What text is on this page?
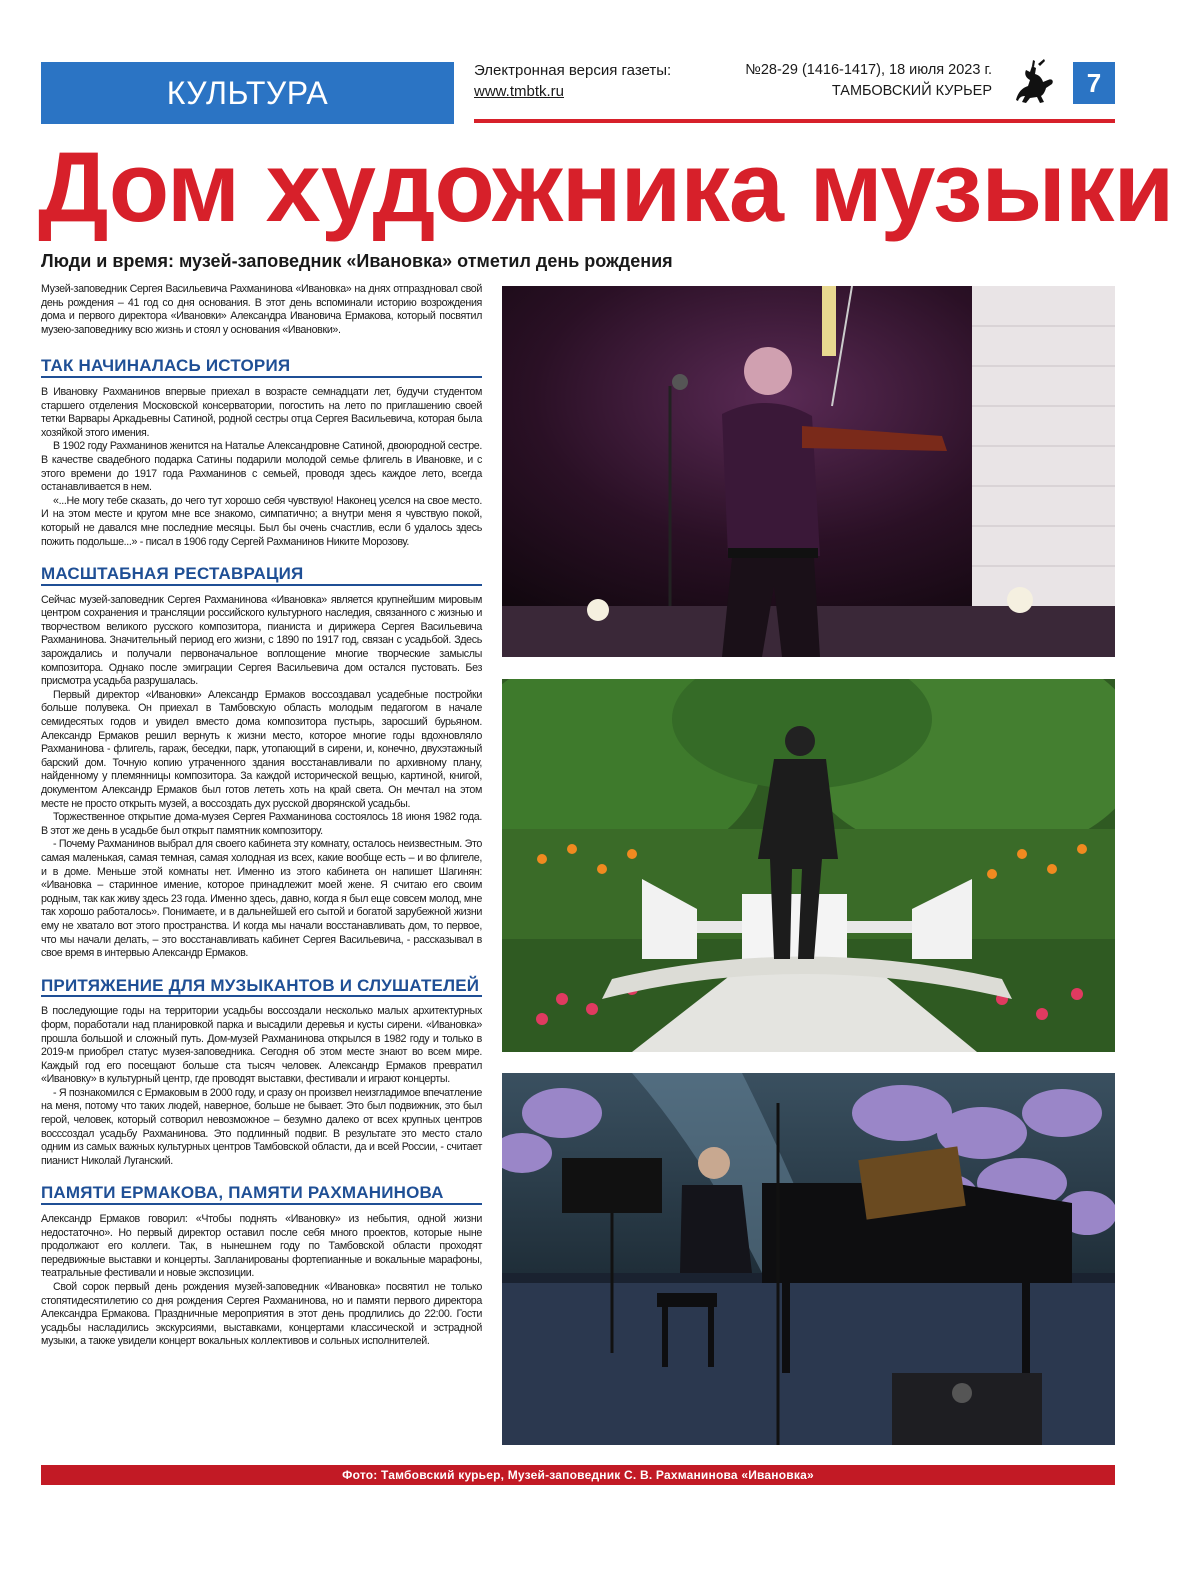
КУЛЬТУРА
Электронная версия газеты:
www.tmbtk.ru
№28-29 (1416-1417), 18 июля 2023 г.
ТАМБОВСКИЙ КУРЬЕР	7
Дом художника музыки
Люди и время: музей-заповедник «Ивановка» отметил день рождения

Музей-заповедник Сергея Васильевича Рахманинова «Ивановка» на днях отпраздновал свой день рождения – 41 год со дня основания. В этот день вспоминали историю возрождения дома и первого директора «Ивановки» Александра Ивановича Ермакова, который посвятил музею-заповеднику всю жизнь и стоял у основания «Ивановки».

ТАК НАЧИНАЛАСЬ ИСТОРИЯ

В Ивановку Рахманинов впервые приехал в возрасте семнадцати лет, будучи студентом старшего отделения Московской консерватории, погостить на лето по приглашению своей тетки Варвары Аркадьевны Сатиной, родной сестры отца Сергея Васильевича, которая была хозяйкой этого имения.

В 1902 году Рахманинов женится на Наталье Александровне Сатиной, двоюродной сестре. В качестве свадебного подарка Сатины подарили молодой семье флигель в Ивановке, и с этого времени до 1917 года Рахманинов с семьей, проводя здесь каждое лето, всегда останавливается в нем.

«...Не могу тебе сказать, до чего тут хорошо себя чувствую! Наконец уселся на свое место. И на этом месте и кругом мне все знакомо, симпатично; а внутри меня я чувствую покой, который не давался мне последние месяцы. Был бы очень счастлив, если б удалось здесь пожить подольше...» - писал в 1906 году Сергей Рахманинов Никите Морозову.

МАСШТАБНАЯ РЕСТАВРАЦИЯ

Сейчас музей-заповедник Сергея Рахманинова «Ивановка» является крупнейшим мировым центром сохранения и трансляции российского культурного наследия, связанного с жизнью и творчеством великого русского композитора, пианиста и дирижера Сергея Васильевича Рахманинова. Значительный период его жизни, с 1890 по 1917 год, связан с усадьбой. Здесь зарождались и получали первоначальное воплощение многие творческие замыслы композитора. Однако после эмиграции Сергея Васильевича дом остался пустовать. Без присмотра усадьба разрушалась.

Первый директор «Ивановки» Александр Ермаков воссоздавал усадебные постройки больше полувека. Он приехал в Тамбовскую область молодым педагогом в начале семидесятых годов и увидел вместо дома композитора пустырь, заросший бурьяном. Александр Ермаков решил вернуть к жизни место, которое многие годы вдохновляло Рахманинова - флигель, гараж, беседки, парк, утопающий в сирени, и, конечно, двухэтажный барский дом. Точную копию утраченного здания восстанавливали по архивному плану, найденному у племянницы композитора. За каждой исторической вещью, картиной, книгой, документом Александр Ермаков был готов лететь хоть на край света. Он мечтал на этом месте не просто открыть музей, а воссоздать дух русской дворянской усадьбы.

Торжественное открытие дома-музея Сергея Рахманинова состоялось 18 июня 1982 года. В этот же день в усадьбе был открыт памятник композитору.

- Почему Рахманинов выбрал для своего кабинета эту комнату, осталось неизвестным. Это самая маленькая, самая темная, самая холодная из всех, какие вообще есть – и во флигеле, и в доме. Меньше этой комнаты нет. Именно из этого кабинета он напишет Шагинян: «Ивановка – старинное имение, которое принадлежит моей жене. Я считаю его своим родным, так как живу здесь 23 года. Именно здесь, давно, когда я был еще совсем молод, мне так хорошо работалось». Понимаете, и в дальнейшей его сытой и богатой зарубежной жизни ему не хватало вот этого пространства. И когда мы начали восстанавливать дом, то первое, что мы начали делать, – это восстанавливать кабинет Сергея Васильевича, - рассказывал в свое время в интервью Александр Ермаков.

ПРИТЯЖЕНИЕ ДЛЯ МУЗЫКАНТОВ И СЛУШАТЕЛЕЙ

В последующие годы на территории усадьбы воссоздали несколько малых архитектурных форм, поработали над планировкой парка и высадили деревья и кусты сирени. «Ивановка» прошла большой и сложный путь. Дом-музей Рахманинова открылся в 1982 году и только в 2019-м приобрел статус музея-заповедника. Сегодня об этом месте знают во всем мире. Каждый год его посещают больше ста тысяч человек. Александр Ермаков превратил «Ивановку» в культурный центр, где проводят выставки, фестивали и играют концерты.

- Я познакомился с Ермаковым в 2000 году, и сразу он произвел неизгладимое впечатление на меня, потому что таких людей, наверное, больше не бывает. Это был подвижник, это был герой, человек, который сотворил невозможное – безумно далеко от всех крупных центров восссоздал усадьбу Рахманинова. Это подлинный подвиг. В результате это место стало одним из самых важных культурных центров Тамбовской области, да и всей России, - считает пианист Николай Луганский.

ПАМЯТИ ЕРМАКОВА, ПАМЯТИ РАХМАНИНОВА

Александр Ермаков говорил: «Чтобы поднять «Ивановку» из небытия, одной жизни недостаточно». Но первый директор оставил после себя много проектов, которые ныне продолжают его коллеги. Так, в нынешнем году по Тамбовской области проходят передвижные выставки и концерты. Запланированы фортепианные и вокальные марафоны, театральные фестивали и новые экспозиции.

Свой сорок первый день рождения музей-заповедник «Ивановка» посвятил не только стопятидесятилетию со дня рождения Сергея Рахманинова, но и памяти первого директора Александра Ермакова. Праздничные мероприятия в этот день продлились до 22:00. Гости усадьбы насладились экскурсиями, выставками, концертами классической и эстрадной музыки, а также увидели концерт вокальных коллективов и сольных исполнителей.

Фото: Тамбовский курьер, Музей-заповедник С. В. Рахманинова «Ивановка»
